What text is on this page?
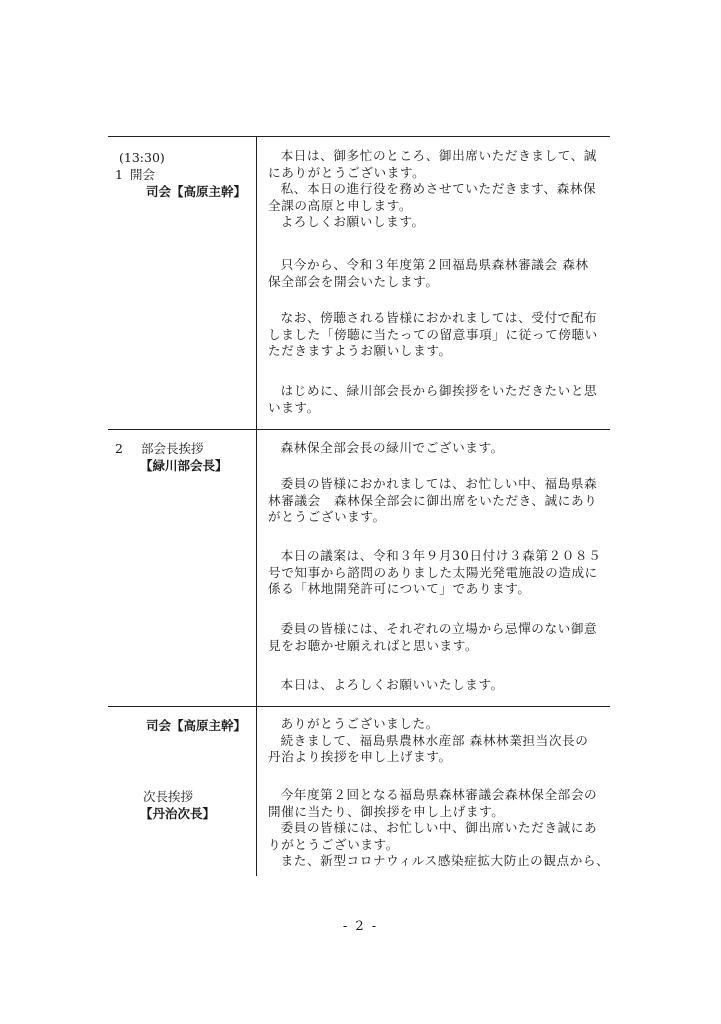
(13:30)
1 開会
司会【高原主幹】
本日は、御多忙のところ、御出席いただきまして、誠
にありがとうございます。
私、本日の進行役を務めさせていただきます、森林保
全課の高原と申します。
よろしくお願いします。
只今から、令和３年度第２回福島県森林審議会 森林
保全部会を開会いたします。
なお、傍聴される皆様におかれましては、受付で配布
しました「傍聴に当たっての留意事項」に従って傍聴い
ただきますようお願いします。
はじめに、緑川部会長から御挨拶をいただきたいと思
います。
2 部会長挨拶
【緑川部会長】
森林保全部会長の緑川でございます。
委員の皆様におかれましては、お忙しい中、福島県森
林審議会　森林保全部会に御出席をいただき、誠にあり
がとうございます。
本日の議案は、令和３年９月30日付け３森第２０８５
号で知事から諮問のありました太陽光発電施設の造成に
係る「林地開発許可について」であります。
委員の皆様には、それぞれの立場から忌憚のない御意
見をお聴かせ願えればと思います。
本日は、よろしくお願いいたします。
司会【高原主幹】	ありがとうございました。
続きまして、福島県農林水産部 森林林業担当次長の
丹治より挨拶を申し上げます。
次長挨拶
【丹治次長】
今年度第２回となる福島県森林審議会森林保全部会の
開催に当たり、御挨拶を申し上げます。
委員の皆様には、お忙しい中、御出席いただき誠にあ
りがとうございます。
また、新型コロナウィルス感染症拡大防止の観点から、
- 2 -
